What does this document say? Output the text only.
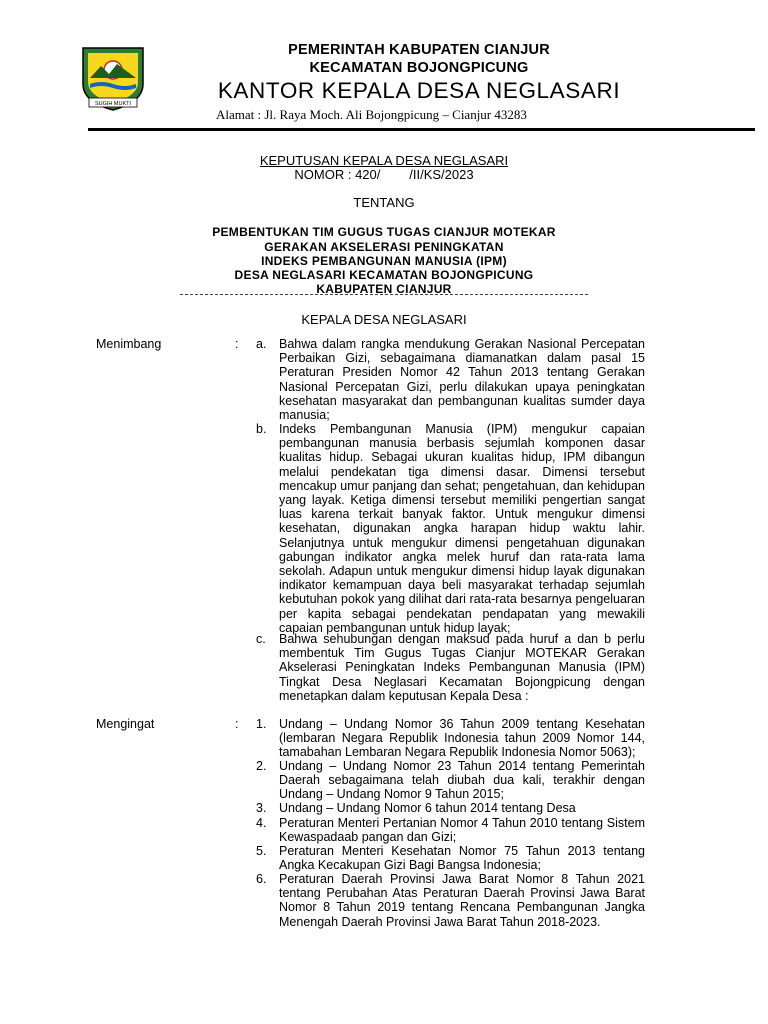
SUGIH MUKTI
PEMERINTAH KABUPATEN CIANJUR
KECAMATAN BOJONGPICUNG
KANTOR KEPALA DESA NEGLASARI
Alamat : Jl. Raya Moch. Ali Bojongpicung – Cianjur 43283
KEPUTUSAN KEPALA DESA NEGLASARI
NOMOR : 420/        /II/KS/2023
TENTANG
PEMBENTUKAN TIM GUGUS TUGAS CIANJUR MOTEKAR
GERAKAN AKSELERASI PENINGKATAN
INDEKS PEMBANGUNAN MANUSIA (IPM)
DESA NEGLASARI KECAMATAN BOJONGPICUNG
KABUPATEN CIANJUR
KEPALA DESA NEGLASARI
Menimbang	: a. Bahwa dalam rangka mendukung Gerakan Nasional Percepatan Perbaikan Gizi, sebagaimana diamanatkan dalam pasal 15 Peraturan Presiden Nomor 42 Tahun 2013 tentang Gerakan Nasional Percepatan Gizi, perlu dilakukan upaya peningkatan kesehatan masyarakat dan pembangunan kualitas sumder daya manusia;
b. Indeks Pembangunan Manusia (IPM) mengukur capaian pembangunan manusia berbasis sejumlah komponen dasar kualitas hidup. Sebagai ukuran kualitas hidup, IPM dibangun melalui pendekatan tiga dimensi dasar. Dimensi tersebut mencakup umur panjang dan sehat; pengetahuan, dan kehidupan yang layak. Ketiga dimensi tersebut memiliki pengertian sangat luas karena terkait banyak faktor. Untuk mengukur dimensi kesehatan, digunakan angka harapan hidup waktu lahir. Selanjutnya untuk mengukur dimensi pengetahuan digunakan gabungan indikator angka melek huruf dan rata-rata lama sekolah. Adapun untuk mengukur dimensi hidup layak digunakan indikator kemampuan daya beli masyarakat terhadap sejumlah kebutuhan pokok yang dilihat dari rata-rata besarnya pengeluaran per kapita sebagai pendekatan pendapatan yang mewakili capaian pembangunan untuk hidup layak;
c. Bahwa sehubungan dengan maksud pada huruf a dan b perlu membentuk Tim Gugus Tugas Cianjur MOTEKAR Gerakan Akselerasi Peningkatan Indeks Pembangunan Manusia (IPM) Tingkat Desa Neglasari Kecamatan Bojongpicung dengan menetapkan dalam keputusan Kepala Desa :
Mengingat	: 1. Undang – Undang Nomor 36 Tahun 2009 tentang Kesehatan (lembaran Negara Republik Indonesia tahun 2009 Nomor 144, tamabahan Lembaran Negara Republik Indonesia Nomor 5063);
2. Undang – Undang Nomor 23 Tahun 2014 tentang Pemerintah Daerah sebagaimana telah diubah dua kali, terakhir dengan Undang – Undang Nomor 9 Tahun 2015;
3. Undang – Undang Nomor 6 tahun 2014 tentang Desa
4. Peraturan Menteri Pertanian Nomor 4 Tahun 2010 tentang Sistem Kewaspadaab pangan dan Gizi;
5. Peraturan Menteri Kesehatan Nomor 75 Tahun 2013 tentang Angka Kecakupan Gizi Bagi Bangsa Indonesia;
6. Peraturan Daerah Provinsi Jawa Barat Nomor 8 Tahun 2021 tentang Perubahan Atas Peraturan Daerah Provinsi Jawa Barat Nomor 8 Tahun 2019 tentang Rencana Pembangunan Jangka Menengah Daerah Provinsi Jawa Barat Tahun 2018-2023.
